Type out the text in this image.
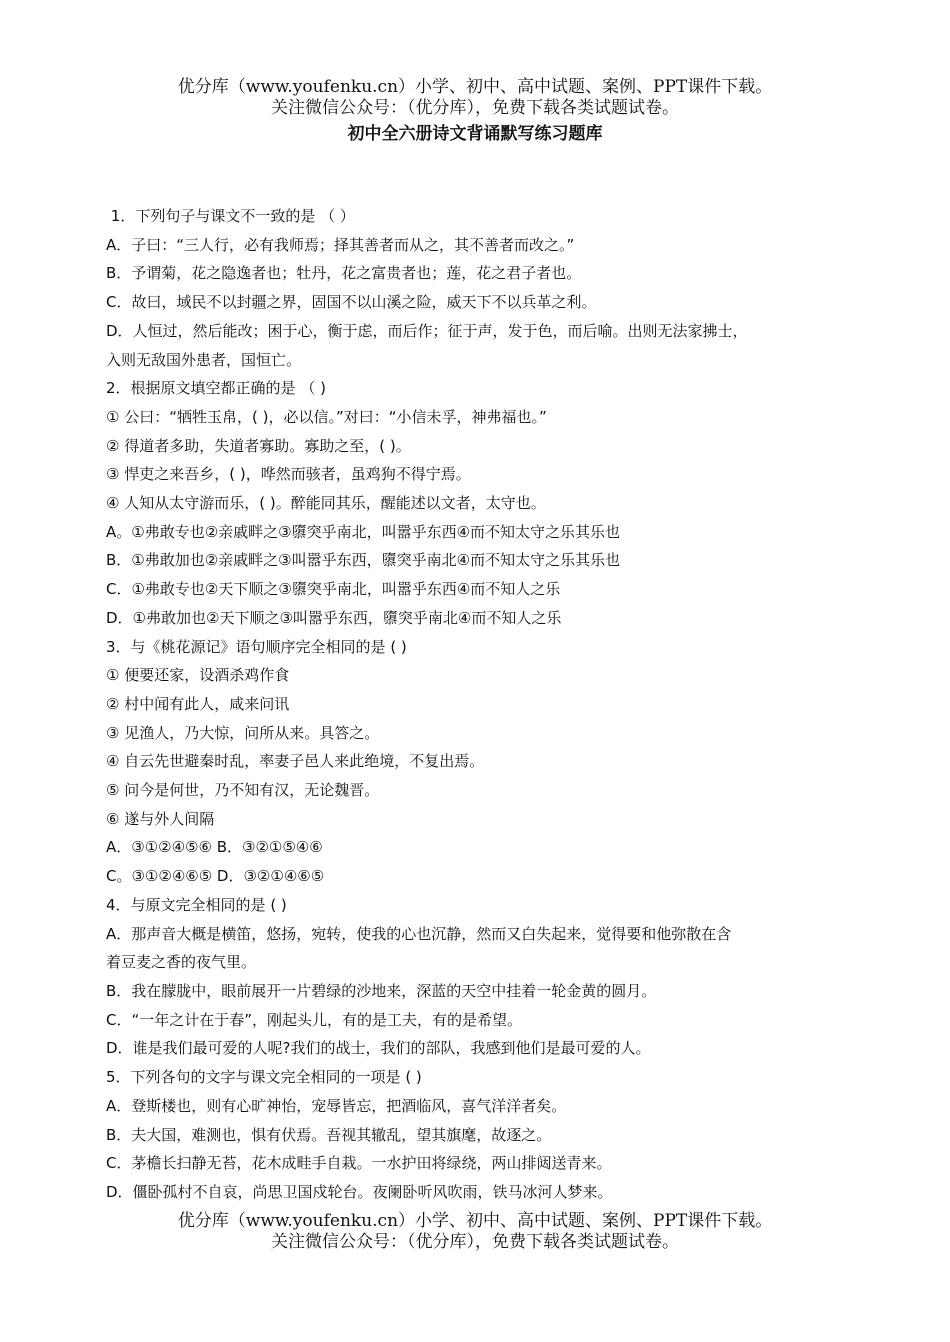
优分库（www.youfenku.cn）小学、初中、高中试题、案例、PPT课件下载。
关注微信公众号：（优分库），免费下载各类试题试卷。
初中全六册诗文背诵默写练习题库
1．下列句子与课文不一致的是 （ ）
A．子曰：“三人行，必有我师焉；择其善者而从之，其不善者而改之。”
B．予谓菊，花之隐逸者也；牡丹，花之富贵者也；莲，花之君子者也。
C．故曰，域民不以封疆之界，固国不以山溪之险，威天下不以兵革之利。
D．人恒过，然后能改；困于心，衡于虑，而后作；征于声，发于色，而后喻。出则无法家拂士，
入则无敌国外患者，国恒亡。
2．根据原文填空都正确的是 （ )
① 公曰：“牺牲玉帛，( )，必以信。”对曰：“小信未孚，神弗福也。”
② 得道者多助，失道者寡助。寡助之至，( )。
③ 悍吏之来吾乡，( )，哗然而骇者，虽鸡狗不得宁焉。
④ 人知从太守游而乐，( )。醉能同其乐，醒能述以文者，太守也。
A。①弗敢专也②亲戚畔之③隳突乎南北，叫嚣乎东西④而不知太守之乐其乐也
B．①弗敢加也②亲戚畔之③叫嚣乎东西，隳突乎南北④而不知太守之乐其乐也
C．①弗敢专也②天下顺之③隳突乎南北，叫嚣乎东西④而不知人之乐
D．①弗敢加也②天下顺之③叫嚣乎东西，隳突乎南北④而不知人之乐
3．与《桃花源记》语句顺序完全相同的是 ( )
① 便要还家，设酒杀鸡作食
② 村中闻有此人，咸来问讯
③ 见渔人，乃大惊，问所从来。具答之。
④ 自云先世避秦时乱，率妻子邑人来此绝境，不复出焉。
⑤ 问今是何世，乃不知有汉，无论魏晋。
⑥ 遂与外人间隔
A．③①②④⑤⑥ B．③②①⑤④⑥
C。③①②④⑥⑤ D．③②①④⑥⑤
4．与原文完全相同的是 ( )
A．那声音大概是横笛，悠扬，宛转，使我的心也沉静，然而又白失起来，觉得要和他弥散在含
着豆麦之香的夜气里。
B．我在朦胧中，眼前展开一片碧绿的沙地来，深蓝的天空中挂着一轮金黄的圆月。
C．“一年之计在于春”，刚起头儿，有的是工夫，有的是希望。
D．谁是我们最可爱的人呢?我们的战士，我们的部队，我感到他们是最可爱的人。
5．下列各句的文字与课文完全相同的一项是 ( )
A．登斯楼也，则有心旷神怡，宠辱皆忘，把酒临风，喜气洋洋者矣。
B．夫大国，难测也，惧有伏焉。吾视其辙乱，望其旗麾，故逐之。
C．茅檐长扫静无苔，花木成畦手自栽。一水护田将绿绕，两山排闼送青来。
D．僵卧孤村不自哀，尚思卫国戍轮台。夜阑卧听风吹雨，铁马冰河人梦来。
优分库（www.youfenku.cn）小学、初中、高中试题、案例、PPT课件下载。
关注微信公众号：（优分库），免费下载各类试题试卷。
